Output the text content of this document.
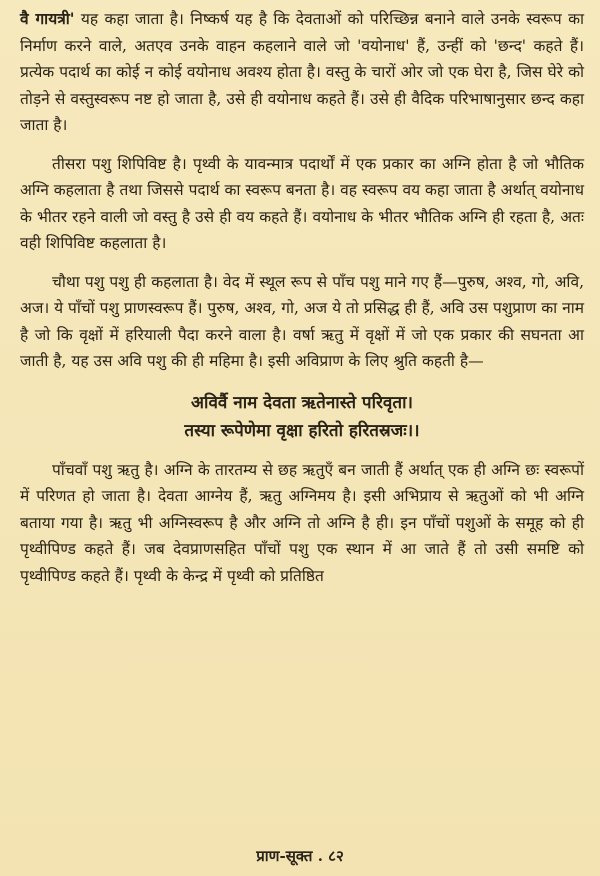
वै गायत्री' यह कहा जाता है। निष्कर्ष यह है कि देवताओं को परिच्छिन्न बनाने वाले उनके स्वरूप का निर्माण करने वाले, अतएव उनके वाहन कहलाने वाले जो 'वयोनाध' हैं, उन्हीं को 'छन्द' कहते हैं। प्रत्येक पदार्थ का कोई न कोई वयोनाध अवश्य होता है। वस्तु के चारों ओर जो एक घेरा है, जिस घेरे को तोड़ने से वस्तुस्वरूप नष्ट हो जाता है, उसे ही वयोनाध कहते हैं। उसे ही वैदिक परिभाषानुसार छन्द कहा जाता है।

तीसरा पशु शिपिविष्ट है। पृथ्वी के यावन्मात्र पदार्थों में एक प्रकार का अग्नि होता है जो भौतिक अग्नि कहलाता है तथा जिससे पदार्थ का स्वरूप बनता है। वह स्वरूप वय कहा जाता है अर्थात् वयोनाध के भीतर रहने वाली जो वस्तु है उसे ही वय कहते हैं। वयोनाध के भीतर भौतिक अग्नि ही रहता है, अतः वही शिपिविष्ट कहलाता है।

चौथा पशु पशु ही कहलाता है। वेद में स्थूल रूप से पाँच पशु माने गए हैं—पुरुष, अश्व, गो, अवि, अज। ये पाँचों पशु प्राणस्वरूप हैं। पुरुष, अश्व, गो, अज ये तो प्रसिद्ध ही हैं, अवि उस पशुप्राण का नाम है जो कि वृक्षों में हरियाली पैदा करने वाला है। वर्षा ऋतु में वृक्षों में जो एक प्रकार की सघनता आ जाती है, यह उस अवि पशु की ही महिमा है। इसी अविप्राण के लिए श्रुति कहती है—

अविर्वै नाम देवता ऋतेनास्ते परिवृता।
तस्या रूपेणेमा वृक्षा हरितो हरितस्रजः।।

पाँचवाँ पशु ऋतु है। अग्नि के तारतम्य से छह ऋतुएँ बन जाती हैं अर्थात् एक ही अग्नि छः स्वरूपों में परिणत हो जाता है। देवता आग्नेय हैं, ऋतु अग्निमय है। इसी अभिप्राय से ऋतुओं को भी अग्नि बताया गया है। ऋतु भी अग्निस्वरूप है और अग्नि तो अग्नि है ही। इन पाँचों पशुओं के समूह को ही पृथ्वीपिण्ड कहते हैं। जब देवप्राणसहित पाँचों पशु एक स्थान में आ जाते हैं तो उसी समष्टि को पृथ्वीपिण्ड कहते हैं। पृथ्वी के केन्द्र में पृथ्वी को प्रतिष्ठित

प्राण-सूक्त . ८२
